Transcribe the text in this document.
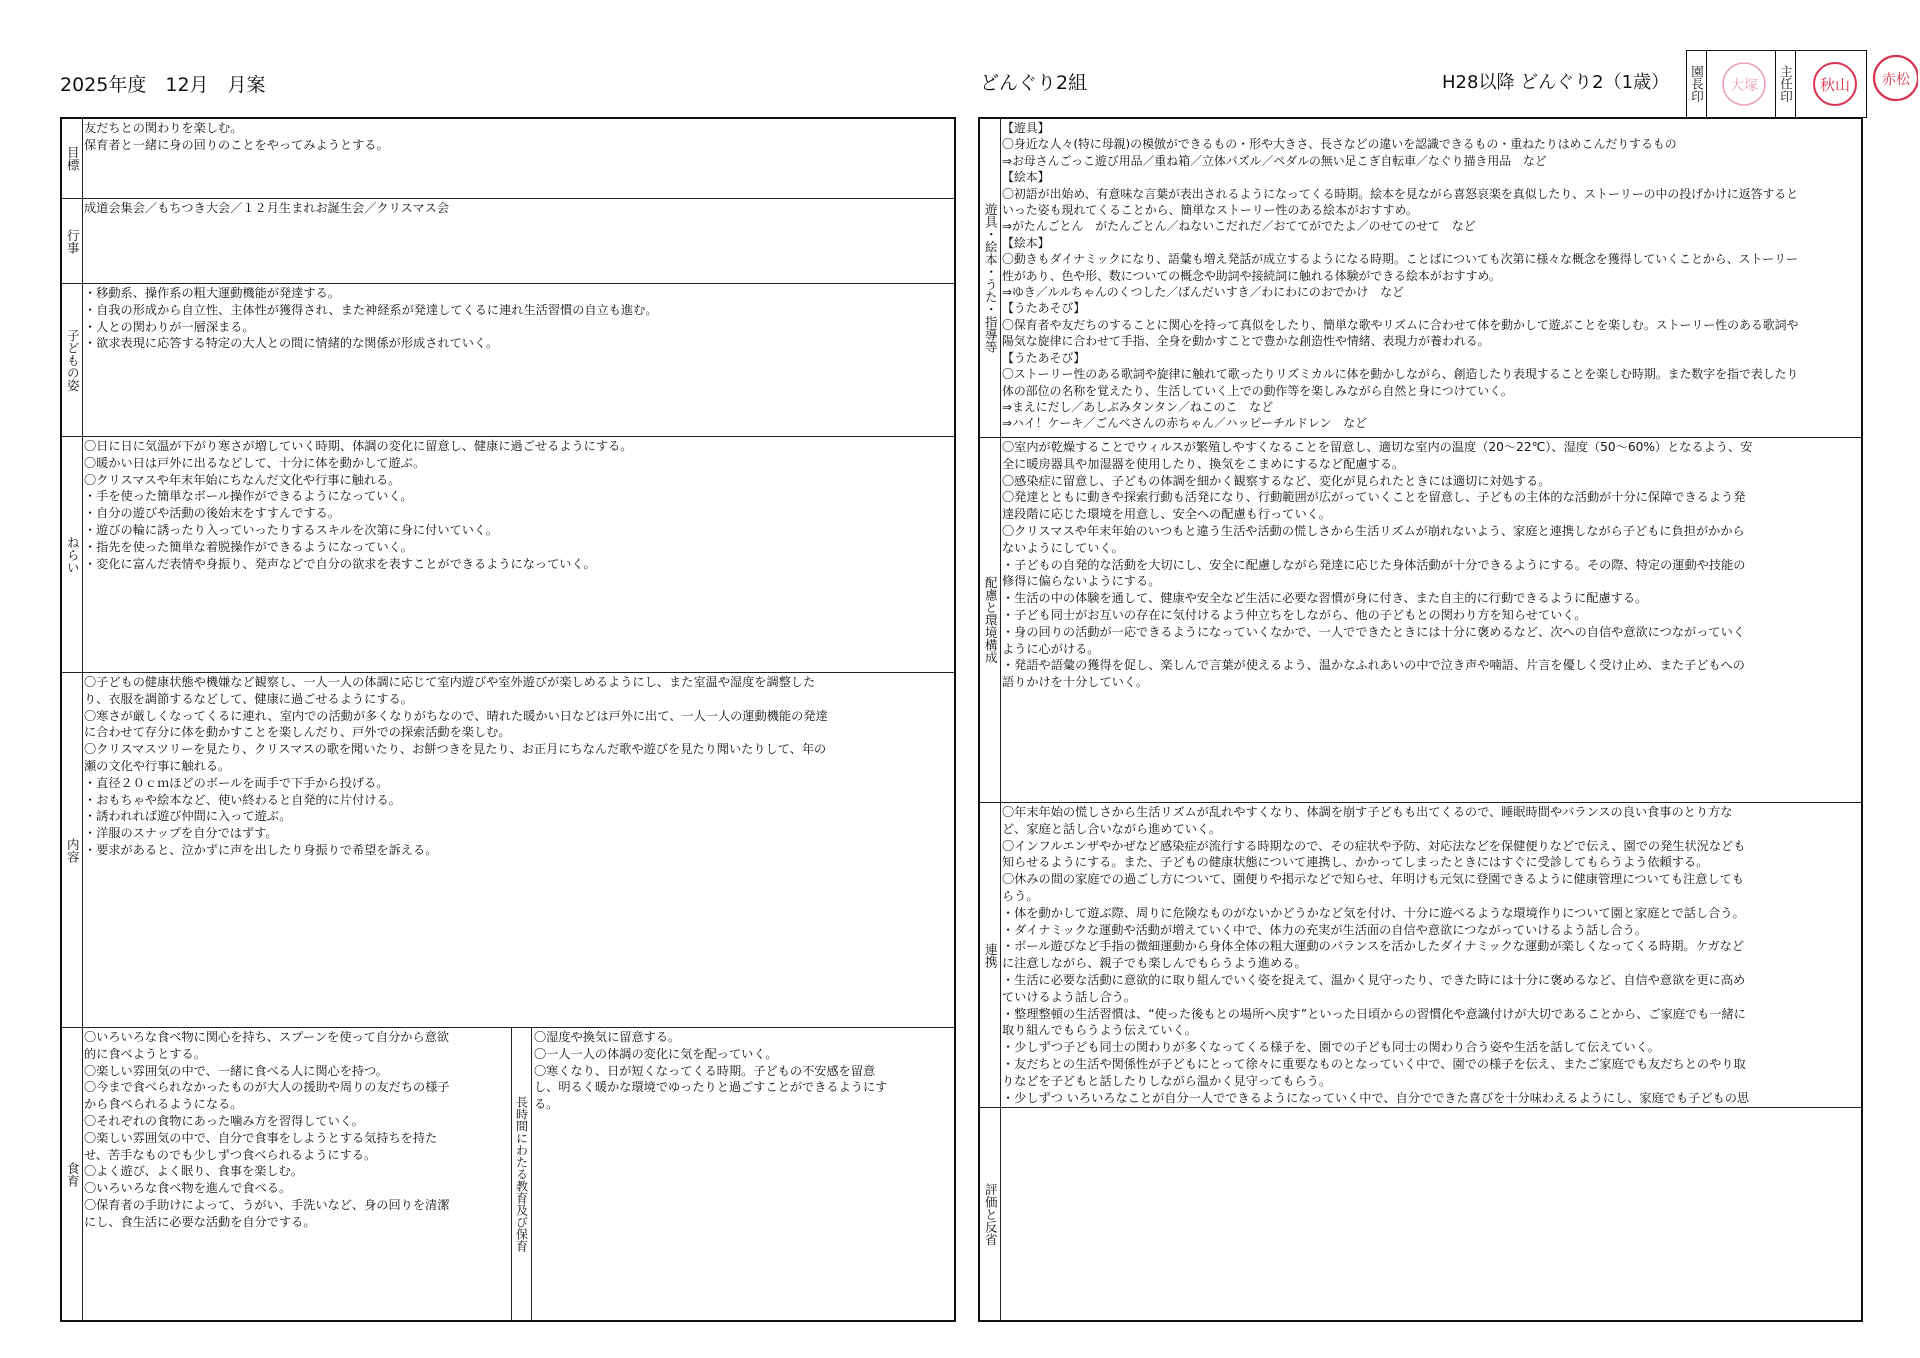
2025年度　12月　月案	どんぐり2組	H28以降 どんぐり2（1歳） 園長印 大塚 主任印 秋山 赤松
目標
友だちとの関わりを楽しむ。
保育者と一緒に身の回りのことをやってみようとする。
行事
成道会集会／もちつき大会／１２月生まれお誕生会／クリスマス会
子どもの姿
・移動系、操作系の粗大運動機能が発達する。
・自我の形成から自立性、主体性が獲得され、また神経系が発達してくるに連れ生活習慣の自立も進む。
・人との関わりが一層深まる。
・欲求表現に応答する特定の大人との間に情緒的な関係が形成されていく。
ねらい
〇日に日に気温が下がり寒さが増していく時期、体調の変化に留意し、健康に過ごせるようにする。
〇暖かい日は戸外に出るなどして、十分に体を動かして遊ぶ。
〇クリスマスや年末年始にちなんだ文化や行事に触れる。
・手を使った簡単なボール操作ができるようになっていく。
・自分の遊びや活動の後始末をすすんでする。
・遊びの輪に誘ったり入っていったりするスキルを次第に身に付いていく。
・指先を使った簡単な着脱操作ができるようになっていく。
・変化に富んだ表情や身振り、発声などで自分の欲求を表すことができるようになっていく。
内容
〇子どもの健康状態や機嫌など観察し、一人一人の体調に応じて室内遊びや室外遊びが楽しめるようにし、また室温や湿度を調整した
り、衣服を調節するなどして、健康に過ごせるようにする。
〇寒さが厳しくなってくるに連れ、室内での活動が多くなりがちなので、晴れた暖かい日などは戸外に出て、一人一人の運動機能の発達
に合わせて存分に体を動かすことを楽しんだり、戸外での探索活動を楽しむ。
〇クリスマスツリーを見たり、クリスマスの歌を聞いたり、お餅つきを見たり、お正月にちなんだ歌や遊びを見たり聞いたりして、年の
瀬の文化や行事に触れる。
・直径２０ｃｍほどのボールを両手で下手から投げる。
・おもちゃや絵本など、使い終わると自発的に片付ける。
・誘われれば遊び仲間に入って遊ぶ。
・洋服のスナップを自分ではずす。
・要求があると、泣かずに声を出したり身振りで希望を訴える。
食育
〇いろいろな食べ物に関心を持ち、スプーンを使って自分から意欲
的に食べようとする。
〇楽しい雰囲気の中で、一緒に食べる人に関心を持つ。
〇今まで食べられなかったものが大人の援助や周りの友だちの様子
から食べられるようになる。
〇それぞれの食物にあった噛み方を習得していく。
〇楽しい雰囲気の中で、自分で食事をしようとする気持ちを持た
せ、苦手なものでも少しずつ食べられるようにする。
〇よく遊び、よく眠り、食事を楽しむ。
〇いろいろな食べ物を進んで食べる。
〇保育者の手助けによって、うがい、手洗いなど、身の回りを清潔
にし、食生活に必要な活動を自分でする。	長時間にわたる教育及び保育
〇湿度や換気に留意する。
〇一人一人の体調の変化に気を配っていく。
〇寒くなり、日が短くなってくる時期。子どもの不安感を留意
し、明るく暖かな環境でゆったりと過ごすことができるようにす
る。
遊具・絵本・うた・指導等
【遊具】
〇身近な人々(特に母親)の模倣ができるもの・形や大きさ、長さなどの違いを認識できるもの・重ねたりはめこんだりするもの
⇒お母さんごっこ遊び用品／重ね箱／立体パズル／ペダルの無い足こぎ自転車／なぐり描き用品　など
【絵本】
〇初語が出始め、有意味な言葉が表出されるようになってくる時期。絵本を見ながら喜怒哀楽を真似したり、ストーリーの中の投げかけに返答すると
いった姿も現れてくることから、簡単なストーリー性のある絵本がおすすめ。
⇒がたんごとん　がたんごとん／ねないこだれだ／おててがでたよ／のせてのせて　など
【絵本】
〇動きもダイナミックになり、語彙も増え発話が成立するようになる時期。ことばについても次第に様々な概念を獲得していくことから、ストーリー
性があり、色や形、数についての概念や助詞や接続詞に触れる体験ができる絵本がおすすめ。
⇒ゆき／ルルちゃんのくつした／ばんだいすき／わにわにのおでかけ　など
【うたあそび】
〇保育者や友だちのすることに関心を持って真似をしたり、簡単な歌やリズムに合わせて体を動かして遊ぶことを楽しむ。ストーリー性のある歌詞や
陽気な旋律に合わせて手指、全身を動かすことで豊かな創造性や情緒、表現力が養われる。
【うたあそび】
〇ストーリー性のある歌詞や旋律に触れて歌ったりリズミカルに体を動かしながら、創造したり表現することを楽しむ時期。また数字を指で表したり
体の部位の名称を覚えたり、生活していく上での動作等を楽しみながら自然と身につけていく。
⇒まえにだし／あしぶみタンタン／ねこのこ　など
⇒ハイ！ケーキ／ごんべさんの赤ちゃん／ハッピーチルドレン　など
配慮と環境構成
〇室内が乾燥することでウィルスが繁殖しやすくなることを留意し、適切な室内の温度（20〜22℃）、湿度（50〜60%）となるよう、安
全に暖房器具や加湿器を使用したり、換気をこまめにするなど配慮する。
〇感染症に留意し、子どもの体調を細かく観察するなど、変化が見られたときには適切に対処する。
〇発達とともに動きや探索行動も活発になり、行動範囲が広がっていくことを留意し、子どもの主体的な活動が十分に保障できるよう発
達段階に応じた環境を用意し、安全への配慮も行っていく。
〇クリスマスや年末年始のいつもと違う生活や活動の慌しさから生活リズムが崩れないよう、家庭と連携しながら子どもに負担がかから
ないようにしていく。
・子どもの自発的な活動を大切にし、安全に配慮しながら発達に応じた身体活動が十分できるようにする。その際、特定の運動や技能の
修得に偏らないようにする。
・生活の中の体験を通して、健康や安全など生活に必要な習慣が身に付き、また自主的に行動できるように配慮する。
・子ども同士がお互いの存在に気付けるよう仲立ちをしながら、他の子どもとの関わり方を知らせていく。
・身の回りの活動が一応できるようになっていくなかで、一人でできたときには十分に褒めるなど、次への自信や意欲につながっていく
ように心がける。
・発語や語彙の獲得を促し、楽しんで言葉が使えるよう、温かなふれあいの中で泣き声や喃語、片言を優しく受け止め、また子どもへの
語りかけを十分していく。
連携
〇年末年始の慌しさから生活リズムが乱れやすくなり、体調を崩す子どもも出てくるので、睡眠時間やバランスの良い食事のとり方な
ど、家庭と話し合いながら進めていく。
〇インフルエンザやかぜなど感染症が流行する時期なので、その症状や予防、対応法などを保健便りなどで伝え、園での発生状況なども
知らせるようにする。また、子どもの健康状態について連携し、かかってしまったときにはすぐに受診してもらうよう依頼する。
〇休みの間の家庭での過ごし方について、園便りや掲示などで知らせ、年明けも元気に登園できるように健康管理についても注意しても
らう。
・体を動かして遊ぶ際、周りに危険なものがないかどうかなど気を付け、十分に遊べるような環境作りについて園と家庭とで話し合う。
・ダイナミックな運動や活動が増えていく中で、体力の充実が生活面の自信や意欲につながっていけるよう話し合う。
・ボール遊びなど手指の微細運動から身体全体の粗大運動のバランスを活かしたダイナミックな運動が楽しくなってくる時期。ケガなど
に注意しながら、親子でも楽しんでもらうよう進める。
・生活に必要な活動に意欲的に取り組んでいく姿を捉えて、温かく見守ったり、できた時には十分に褒めるなど、自信や意欲を更に高め
ていけるよう話し合う。
・整理整頓の生活習慣は、“使った後もとの場所へ戻す”といった日頃からの習慣化や意識付けが大切であることから、ご家庭でも一緒に
取り組んでもらうよう伝えていく。
・少しずつ子ども同士の関わりが多くなってくる様子を、園での子ども同士の関わり合う姿や生活を話して伝えていく。
・友だちとの生活や関係性が子どもにとって徐々に重要なものとなっていく中で、園での様子を伝え、またご家庭でも友だちとのやり取
りなどを子どもと話したりしながら温かく見守ってもらう。
・少しずつ いろいろなことが自分一人でできるようになっていく中で、自分でできた喜びを十分味わえるようにし、家庭でも子どもの思
評価と反省
